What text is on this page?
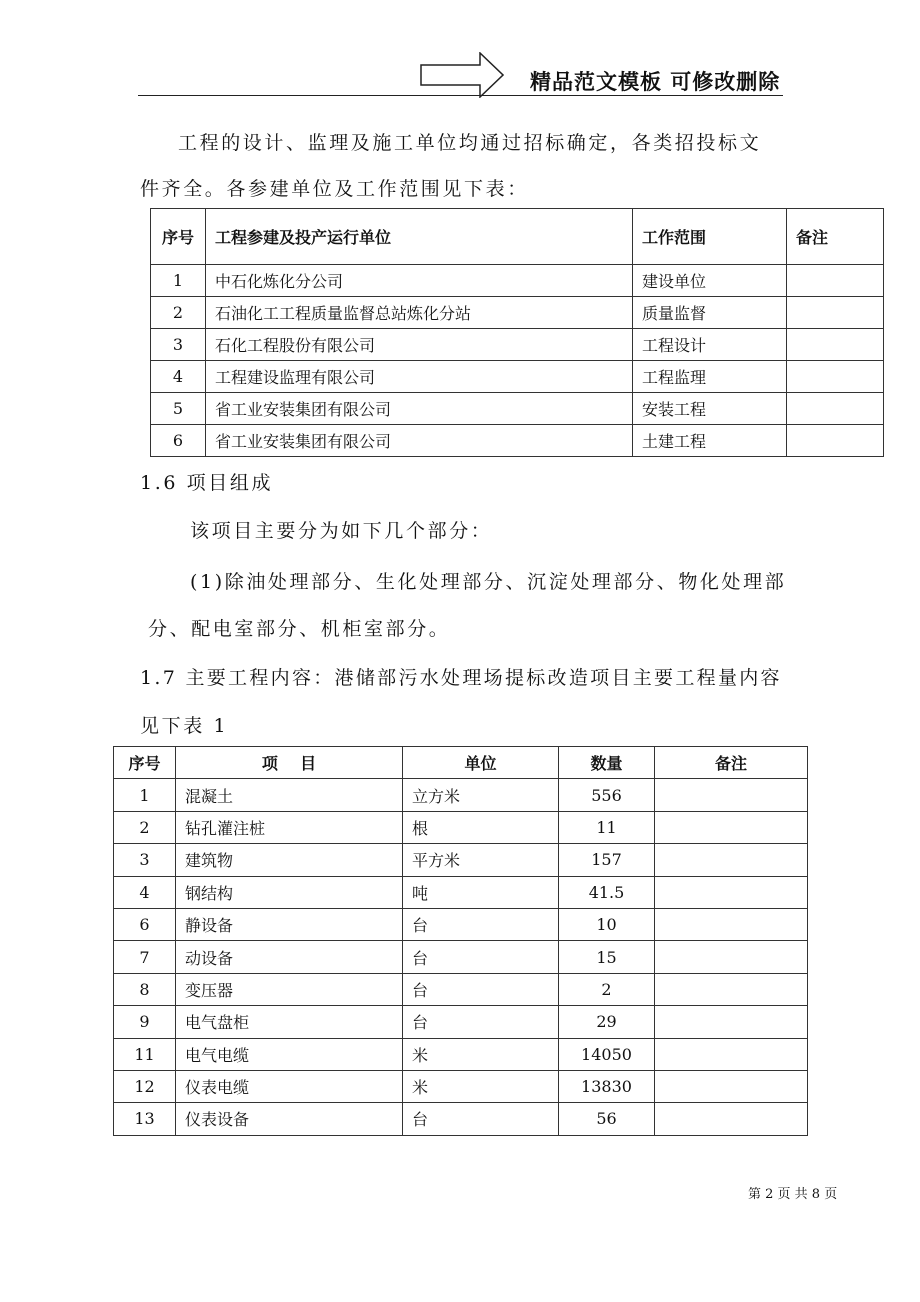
精品范文模板 可修改删除
工程的设计、监理及施工单位均通过招标确定，各类招投标文
件齐全。各参建单位及工作范围见下表：
序号	工程参建及投产运行单位	工作范围	备注
1	中石化炼化分公司	建设单位	
2	石油化工工程质量监督总站炼化分站	质量监督	
3	石化工程股份有限公司	工程设计	
4	工程建设监理有限公司	工程监理	
5	省工业安装集团有限公司	安装工程	
6	省工业安装集团有限公司	土建工程	
1.6 项目组成
该项目主要分为如下几个部分：
(1)除油处理部分、生化处理部分、沉淀处理部分、物化处理部
分、配电室部分、机柜室部分。
1.7 主要工程内容：港储部污水处理场提标改造项目主要工程量内容
见下表 1
序号	项    目	单位	数量	备注
1	混凝土	立方米	556	
2	钻孔灌注桩	根	11	
3	建筑物	平方米	157	
4	钢结构	吨	41.5	
6	静设备	台	10	
7	动设备	台	15	
8	变压器	台	2	
9	电气盘柜	台	29	
11	电气电缆	米	14050	
12	仪表电缆	米	13830	
13	仪表设备	台	56	
第 2 页 共 8 页
